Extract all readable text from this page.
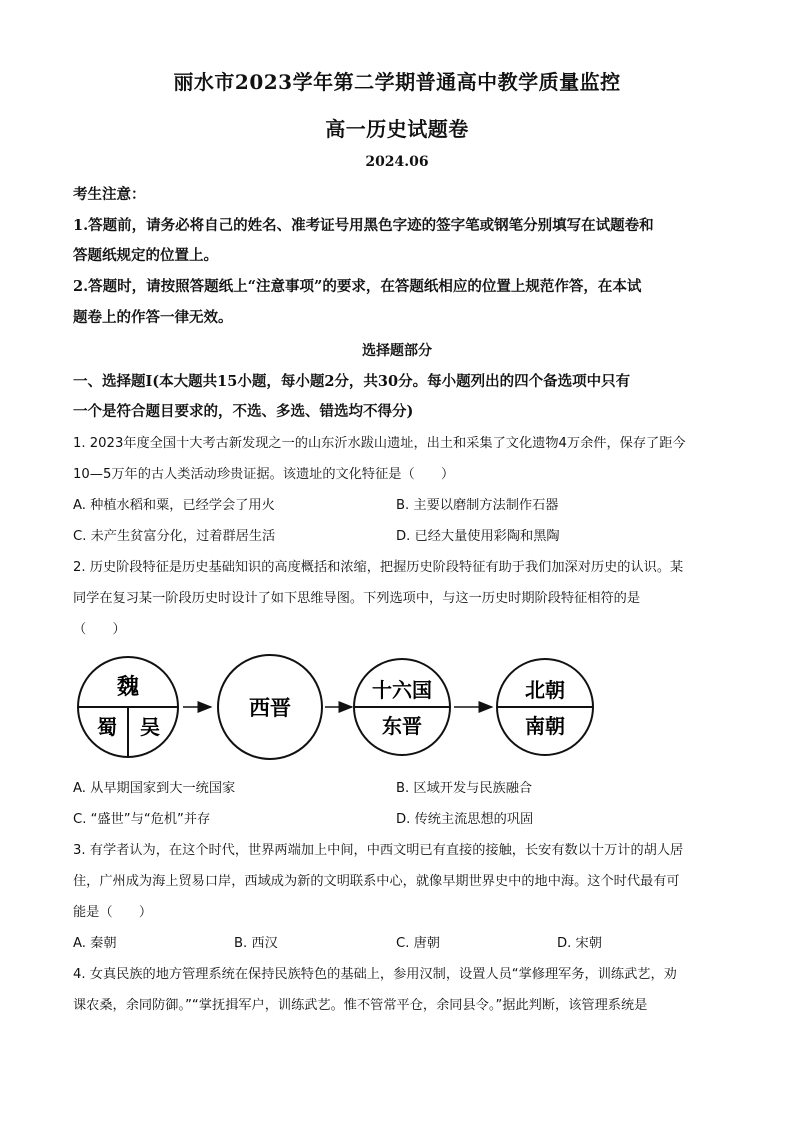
丽水市2023学年第二学期普通高中教学质量监控
高一历史试题卷
2024.06
考生注意：
1.答题前，请务必将自己的姓名、准考证号用黑色字迹的签字笔或钢笔分别填写在试题卷和
答题纸规定的位置上。
2.答题时，请按照答题纸上“注意事项”的要求，在答题纸相应的位置上规范作答，在本试
题卷上的作答一律无效。
选择题部分
一、选择题Ⅰ(本大题共15小题，每小题2分，共30分。每小题列出的四个备选项中只有
一个是符合题目要求的，不选、多选、错选均不得分)
1. 2023年度全国十大考古新发现之一的山东沂水跋山遗址，出土和采集了文化遗物4万余件，保存了距今
10—5万年的古人类活动珍贵证据。该遗址的文化特征是（　　）
A. 种植水稻和粟，已经学会了用火	B. 主要以磨制方法制作石器
C. 未产生贫富分化，过着群居生活	D. 已经大量使用彩陶和黑陶
2. 历史阶段特征是历史基础知识的高度概括和浓缩，把握历史阶段特征有助于我们加深对历史的认识。某
同学在复习某一阶段历史时设计了如下思维导图。下列选项中，与这一历史时期阶段特征相符的是
（　　）
魏
蜀 吴
西晋
十六国
东晋
北朝
南朝
A. 从早期国家到大一统国家	B. 区域开发与民族融合
C. “盛世”与“危机”并存	D. 传统主流思想的巩固
3. 有学者认为，在这个时代，世界两端加上中间，中西文明已有直接的接触，长安有数以十万计的胡人居
住，广州成为海上贸易口岸，西域成为新的文明联系中心，就像早期世界史中的地中海。这个时代最有可
能是（　　）
A. 秦朝	B. 西汉	C. 唐朝	D. 宋朝
4. 女真民族的地方管理系统在保持民族特色的基础上，参用汉制，设置人员“掌修理军务，训练武艺，劝
课农桑，余同防御。”“掌抚揖军户，训练武艺。惟不管常平仓，余同县令。”据此判断，该管理系统是
